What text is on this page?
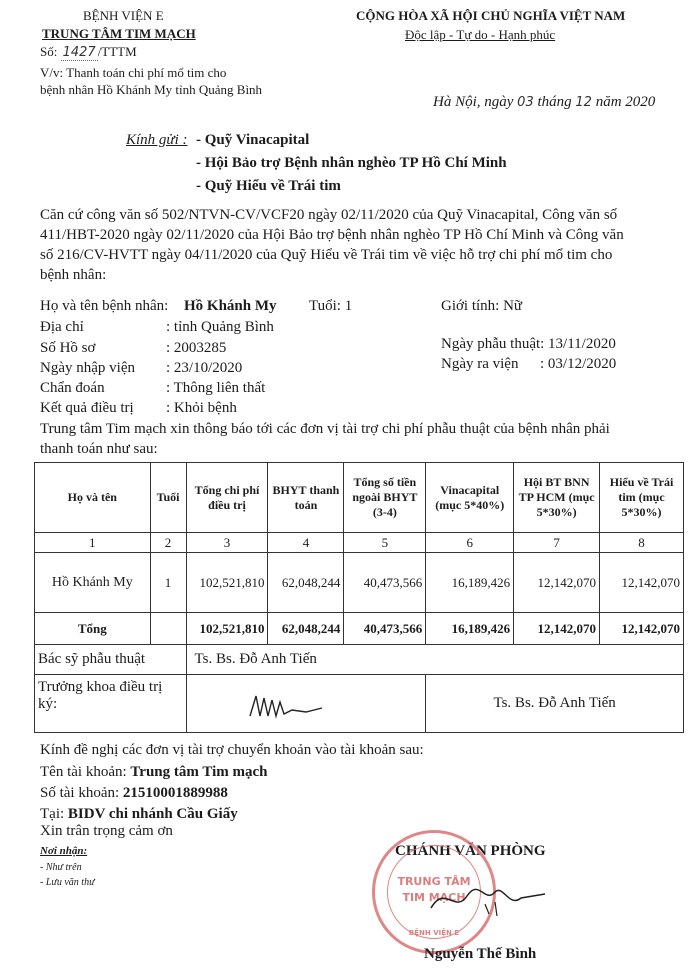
BỆNH VIỆN E
TRUNG TÂM TIM MẠCH
Số: 1427 /TTTM
V/v: Thanh toán chi phí mổ tim cho
bệnh nhân Hồ Khánh My tỉnh Quảng Bình
CỘNG HÒA XÃ HỘI CHỦ NGHĨA VIỆT NAM
Độc lập - Tự do - Hạnh phúc
Hà Nội, ngày 03 tháng 12 năm 2020
Kính gửi : - Quỹ Vinacapital
- Hội Bảo trợ Bệnh nhân nghèo TP Hồ Chí Minh
- Quỹ Hiểu về Trái tim
Căn cứ công văn số 502/NTVN-CV/VCF20 ngày 02/11/2020 của Quỹ Vinacapital, Công văn số
411/HBT-2020 ngày 02/11/2020 của Hội Bảo trợ bệnh nhân nghèo TP Hồ Chí Minh và Công văn
số 216/CV-HVTT ngày 04/11/2020 của Quỹ Hiểu về Trái tim về việc hỗ trợ chi phí mổ tim cho
bệnh nhân:
Họ và tên bệnh nhân: Hồ Khánh My Tuổi: 1	Giới tính: Nữ
Địa chỉ	: tỉnh Quảng Bình
Số Hồ sơ	: 2003285	Ngày phẫu thuật: 13/11/2020
Ngày nhập viện : 23/10/2020	Ngày ra viện : 03/12/2020
Chẩn đoán	: Thông liên thất
Kết quả điều trị : Khỏi bệnh
Trung tâm Tim mạch xin thông báo tới các đơn vị tài trợ chi phí phẫu thuật của bệnh nhân phải
thanh toán như sau:
Họ và tên	Tuổi	Tổng chi phí điều trị	BHYT thanh toán	Tổng số tiền ngoài BHYT (3-4)	Vinacapital (mục 5*40%)	Hội BT BNN TP HCM (mục 5*30%)	Hiểu về Trái tim (mục 5*30%)
1	2	3	4	5	6	7	8
Hồ Khánh My	1	102,521,810	62,048,244	40,473,566	16,189,426	12,142,070	12,142,070
Tổng		102,521,810	62,048,244	40,473,566	16,189,426	12,142,070	12,142,070
Bác sỹ phẫu thuật		Ts. Bs. Đỗ Anh Tiến					
Trưởng khoa điều trị ký:					Ts. Bs. Đỗ Anh Tiến		
Kính đề nghị các đơn vị tài trợ chuyển khoản vào tài khoản sau:
Tên tài khoản: Trung tâm Tim mạch
Số tài khoản: 21510001889988
Tại: BIDV chi nhánh Cầu Giấy
Xin trân trọng cảm ơn
Nơi nhận:
- Như trên
- Lưu văn thư
CHÁNH VĂN PHÒNG
TRUNG TÂM
TIM MẠCH
BỆNH VIỆN E
Nguyễn Thế Bình
